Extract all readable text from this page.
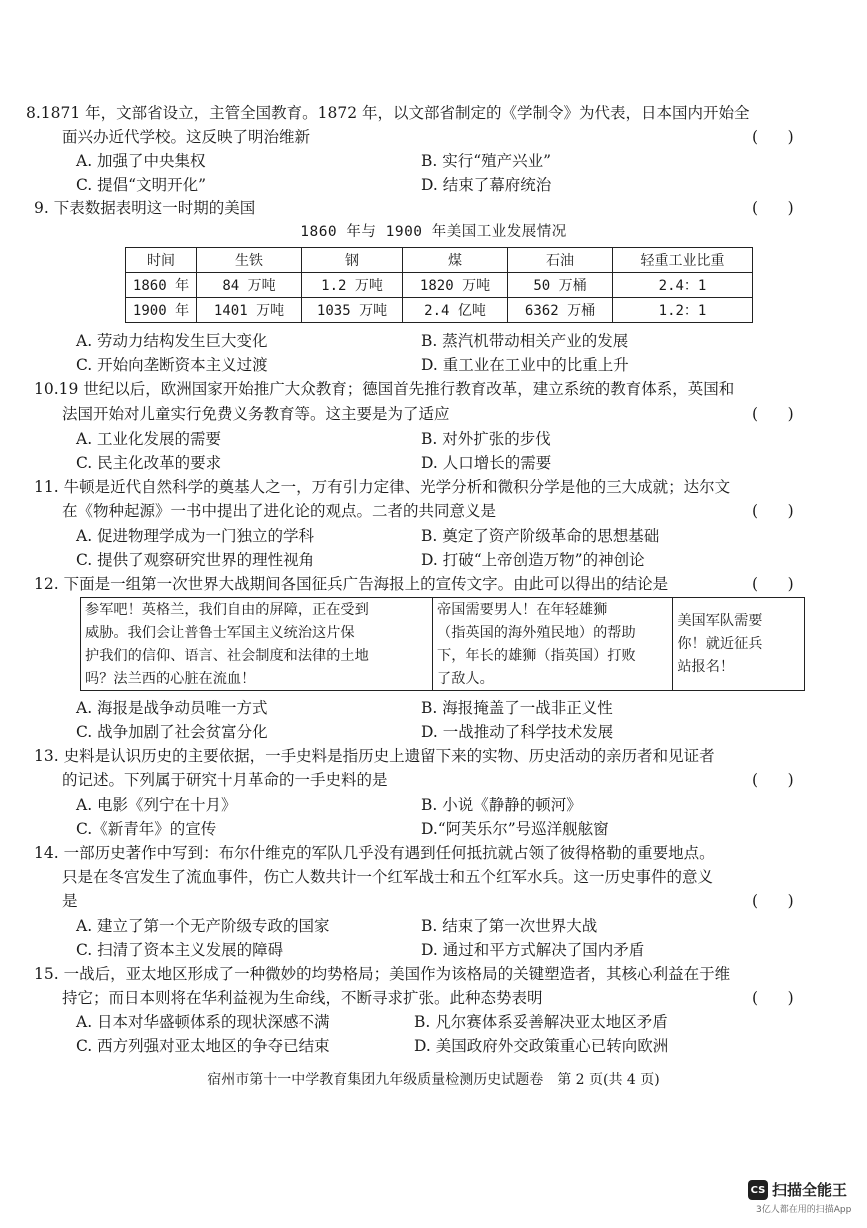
8.1871 年，文部省设立，主管全国教育。1872 年，以文部省制定的《学制令》为代表，日本国内开始全
面兴办近代学校。这反映了明治维新	(      )
A. 加强了中央集权	B. 实行“殖产兴业”
C. 提倡“文明开化”	D. 结束了幕府统治
9. 下表数据表明这一时期的美国	(      )
1860 年与 1900 年美国工业发展情况
时间	生铁	钢	煤	石油	轻重工业比重
1860 年	84 万吨	1.2 万吨	1820 万吨	50 万桶	2.4：1
1900 年	1401 万吨	1035 万吨	2.4 亿吨	6362 万桶	1.2：1
A. 劳动力结构发生巨大变化	B. 蒸汽机带动相关产业的发展
C. 开始向垄断资本主义过渡	D. 重工业在工业中的比重上升
10.19 世纪以后，欧洲国家开始推广大众教育；德国首先推行教育改革，建立系统的教育体系，英国和
法国开始对儿童实行免费义务教育等。这主要是为了适应	(      )
A. 工业化发展的需要	B. 对外扩张的步伐
C. 民主化改革的要求	D. 人口增长的需要
11. 牛顿是近代自然科学的奠基人之一，万有引力定律、光学分析和微积分学是他的三大成就；达尔文
在《物种起源》一书中提出了进化论的观点。二者的共同意义是	(      )
A. 促进物理学成为一门独立的学科	B. 奠定了资产阶级革命的思想基础
C. 提供了观察研究世界的理性视角	D. 打破“上帝创造万物”的神创论
12. 下面是一组第一次世界大战期间各国征兵广告海报上的宣传文字。由此可以得出的结论是	(      )
参军吧！英格兰，我们自由的屏障，正在受到
威胁。我们会让普鲁士军国主义统治这片保
护我们的信仰、语言、社会制度和法律的土地
吗？法兰西的心脏在流血！
帝国需要男人！在年轻雄狮
（指英国的海外殖民地）的帮助
下，年长的雄狮（指英国）打败
了敌人。
美国军队需要
你！就近征兵
站报名！
A. 海报是战争动员唯一方式	B. 海报掩盖了一战非正义性
C. 战争加剧了社会贫富分化	D. 一战推动了科学技术发展
13. 史料是认识历史的主要依据，一手史料是指历史上遗留下来的实物、历史活动的亲历者和见证者
的记述。下列属于研究十月革命的一手史料的是	(      )
A. 电影《列宁在十月》	B. 小说《静静的顿河》
C.《新青年》的宣传	D.“阿芙乐尔”号巡洋舰舷窗
14. 一部历史著作中写到：布尔什维克的军队几乎没有遇到任何抵抗就占领了彼得格勒的重要地点。
只是在冬宫发生了流血事件，伤亡人数共计一个红军战士和五个红军水兵。这一历史事件的意义
是	(      )
A. 建立了第一个无产阶级专政的国家	B. 结束了第一次世界大战
C. 扫清了资本主义发展的障碍	D. 通过和平方式解决了国内矛盾
15. 一战后，亚太地区形成了一种微妙的均势格局；美国作为该格局的关键塑造者，其核心利益在于维
持它；而日本则将在华利益视为生命线，不断寻求扩张。此种态势表明	(      )
A. 日本对华盛顿体系的现状深感不满	B. 凡尔赛体系妥善解决亚太地区矛盾
C. 西方列强对亚太地区的争夺已结束	D. 美国政府外交政策重心已转向欧洲
宿州市第十一中学教育集团九年级质量检测历史试题卷　第 2 页(共 4 页)
CS 扫描全能王
3亿人都在用的扫描App
